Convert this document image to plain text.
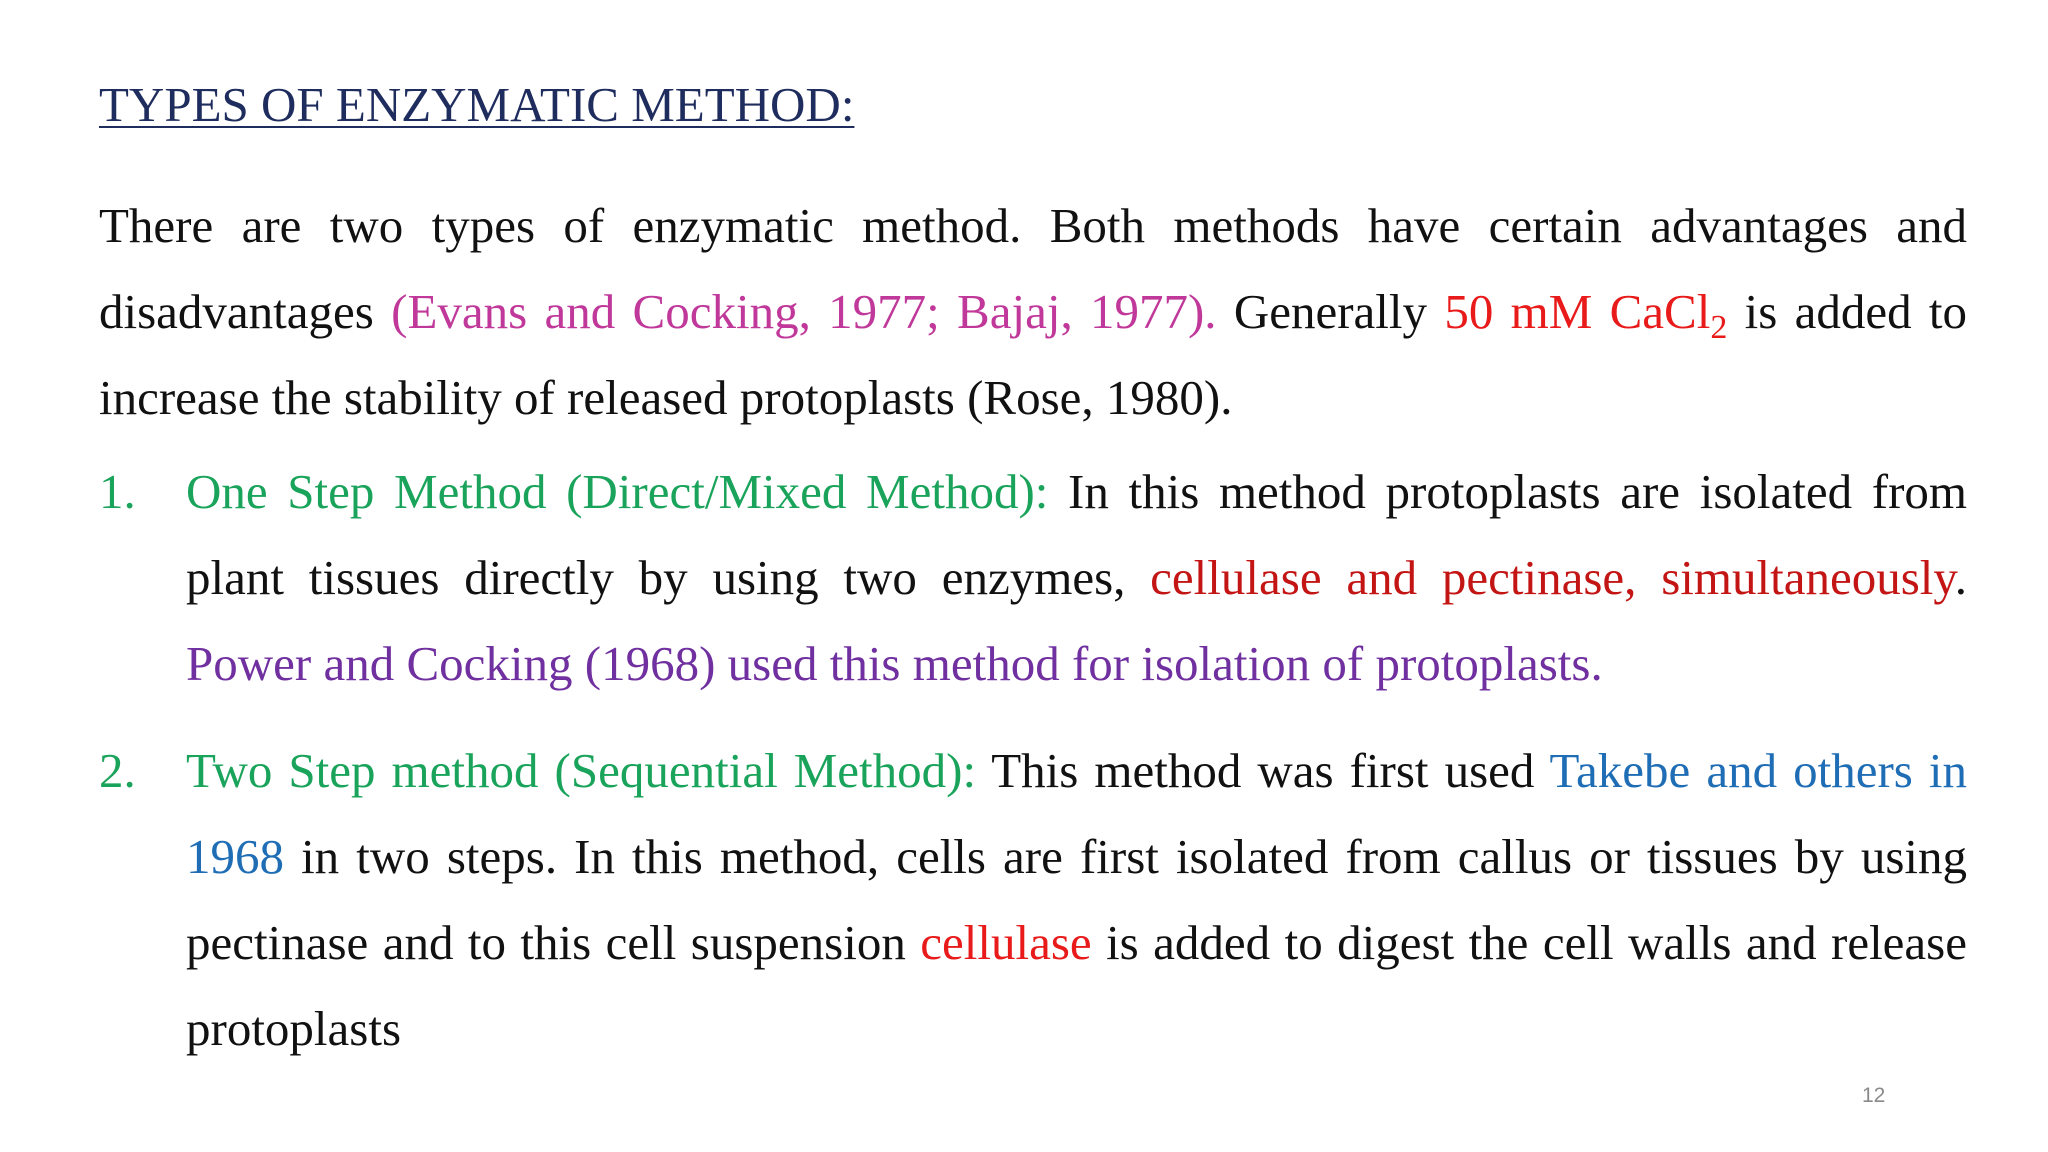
TYPES OF ENZYMATIC METHOD:
There are two types of enzymatic method. Both methods have certain advantages and disadvantages (Evans and Cocking, 1977; Bajaj, 1977). Generally 50 mM CaCl$_2$ is added to increase the stability of released protoplasts (Rose, 1980).
1.	One Step Method (Direct/Mixed Method): In this method protoplasts are isolated from plant tissues directly by using two enzymes, cellulase and pectinase, simultaneously. Power and Cocking (1968) used this method for isolation of protoplasts.
2.	Two Step method (Sequential Method): This method was first used Takebe and others in 1968 in two steps. In this method, cells are first isolated from callus or tissues by using pectinase and to this cell suspension cellulase is added to digest the cell walls and release protoplasts
12
